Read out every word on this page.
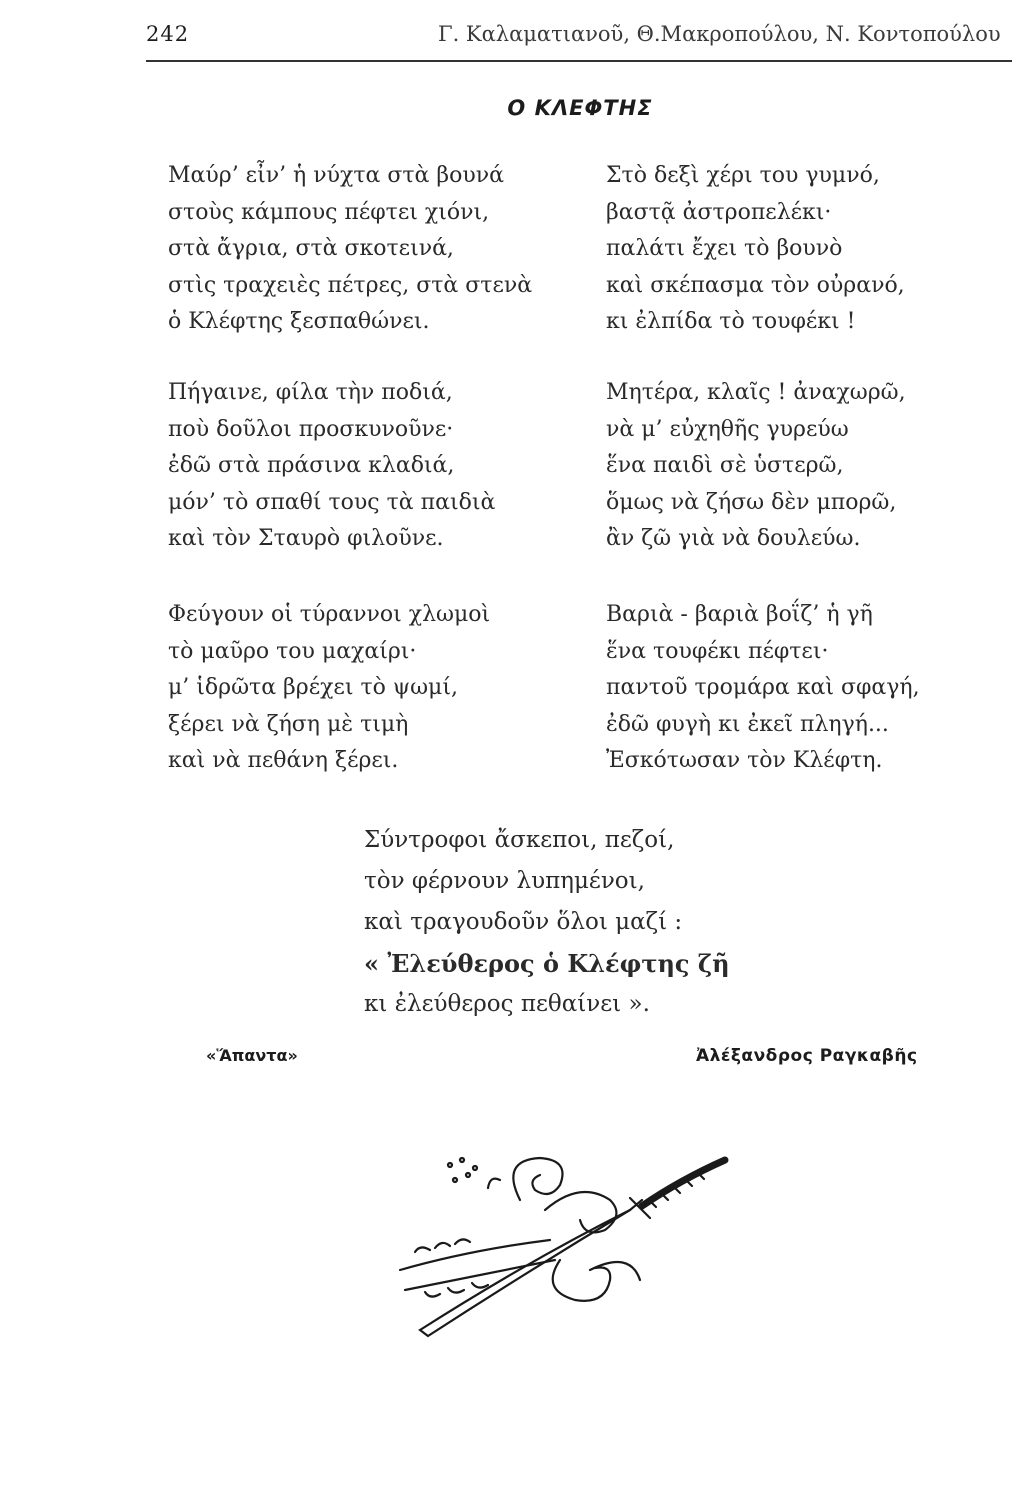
242	Γ. Καλαματιανοῦ, Θ.Μακροπούλου, Ν. Κοντοπούλου
Ο ΚΛΕΦΤΗΣ
Μαύρ’ εἶν’ ἡ νύχτα στὰ βουνά
στοὺς κάμπους πέφτει χιόνι,
στὰ ἄγρια, στὰ σκοτεινά,
στὶς τραχειὲς πέτρες, στὰ στενὰ
ὁ Κλέφτης ξεσπαθώνει.
Πήγαινε, φίλα τὴν ποδιά,
ποὺ δοῦλοι προσκυνοῦνε·
ἐδῶ στὰ πράσινα κλαδιά,
μόν’ τὸ σπαθί τους τὰ παιδιὰ
καὶ τὸν Σταυρὸ φιλοῦνε.
Φεύγουν οἱ τύραννοι χλωμοὶ
τὸ μαῦρο του μαχαίρι·
μ’ ἱδρῶτα βρέχει τὸ ψωμί,
ξέρει νὰ ζήση μὲ τιμὴ
καὶ νὰ πεθάνη ξέρει.
Στὸ δεξὶ χέρι του γυμνό,
βαστᾷ ἀστροπελέκι·
παλάτι ἔχει τὸ βουνὸ
καὶ σκέπασμα τὸν οὐρανό,
κι ἐλπίδα τὸ τουφέκι !
Μητέρα, κλαῖς ! ἀναχωρῶ,
νὰ μ’ εὐχηθῆς γυρεύω
ἕνα παιδὶ σὲ ὑστερῶ,
ὅμως νὰ ζήσω δὲν μπορῶ,
ἂν ζῶ γιὰ νὰ δουλεύω.
Βαριὰ - βαριὰ βοΐζ’ ἡ γῆ
ἕνα τουφέκι πέφτει·
παντοῦ τρομάρα καὶ σφαγή,
ἐδῶ φυγὴ κι ἐκεῖ πληγή...
Ἐσκότωσαν τὸν Κλέφτη.
Σύντροφοι ἄσκεποι, πεζοί,
τὸν φέρνουν λυπημένοι,
καὶ τραγουδοῦν ὅλοι μαζί :
« Ἐλεύθερος ὁ Κλέφτης ζῆ
κι ἐλεύθερος πεθαίνει ».
«Ἅπαντα»	Ἀλέξανδρος Ραγκαβῆς
